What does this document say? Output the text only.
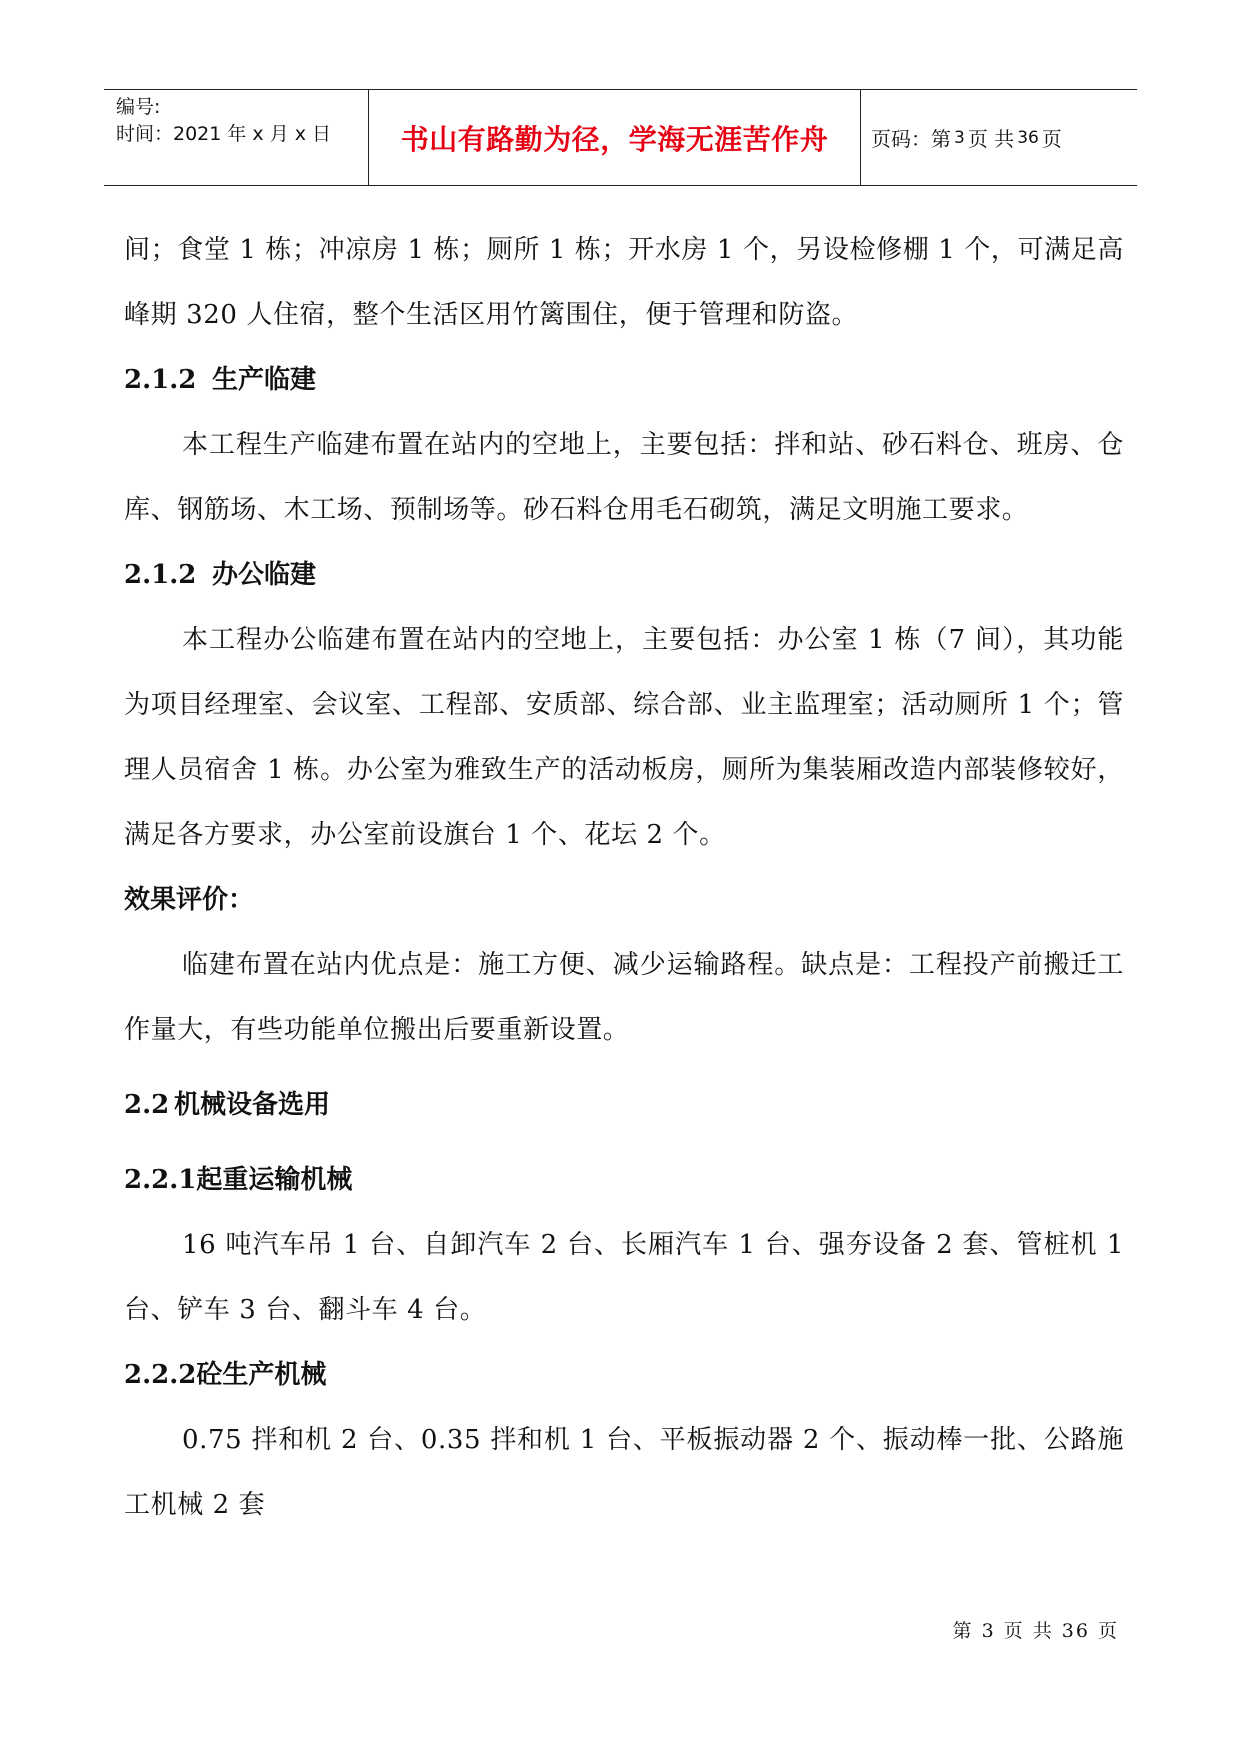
编号:
时间：2021 年 x 月 x 日	书山有路勤为径，学海无涯苦作舟	页码：第 3 页 共 36 页

间；食堂 1 栋；冲凉房 1 栋；厕所 1 栋；开水房 1 个，另设检修棚 1 个，可满足高峰期 320 人住宿，整个生活区用竹篱围住，便于管理和防盗。

2.1.2 生产临建

本工程生产临建布置在站内的空地上，主要包括：拌和站、砂石料仓、班房、仓库、钢筋场、木工场、预制场等。砂石料仓用毛石砌筑，满足文明施工要求。

2.1.2 办公临建

本工程办公临建布置在站内的空地上，主要包括：办公室 1 栋（7 间），其功能为项目经理室、会议室、工程部、安质部、综合部、业主监理室；活动厕所 1 个；管理人员宿舍 1 栋。办公室为雅致生产的活动板房，厕所为集装厢改造内部装修较好，满足各方要求，办公室前设旗台 1 个、花坛 2 个。

效果评价：

临建布置在站内优点是：施工方便、减少运输路程。缺点是：工程投产前搬迁工作量大，有些功能单位搬出后要重新设置。

2.2 机械设备选用
2.2.1起重运输机械

16 吨汽车吊 1 台、自卸汽车 2 台、长厢汽车 1 台、强夯设备 2 套、管桩机 1 台、铲车 3 台、翻斗车 4 台。

2.2.2砼生产机械

0.75 拌和机 2 台、0.35 拌和机 1 台、平板振动器 2 个、振动棒一批、公路施工机械 2 套

第 3 页 共 36 页
